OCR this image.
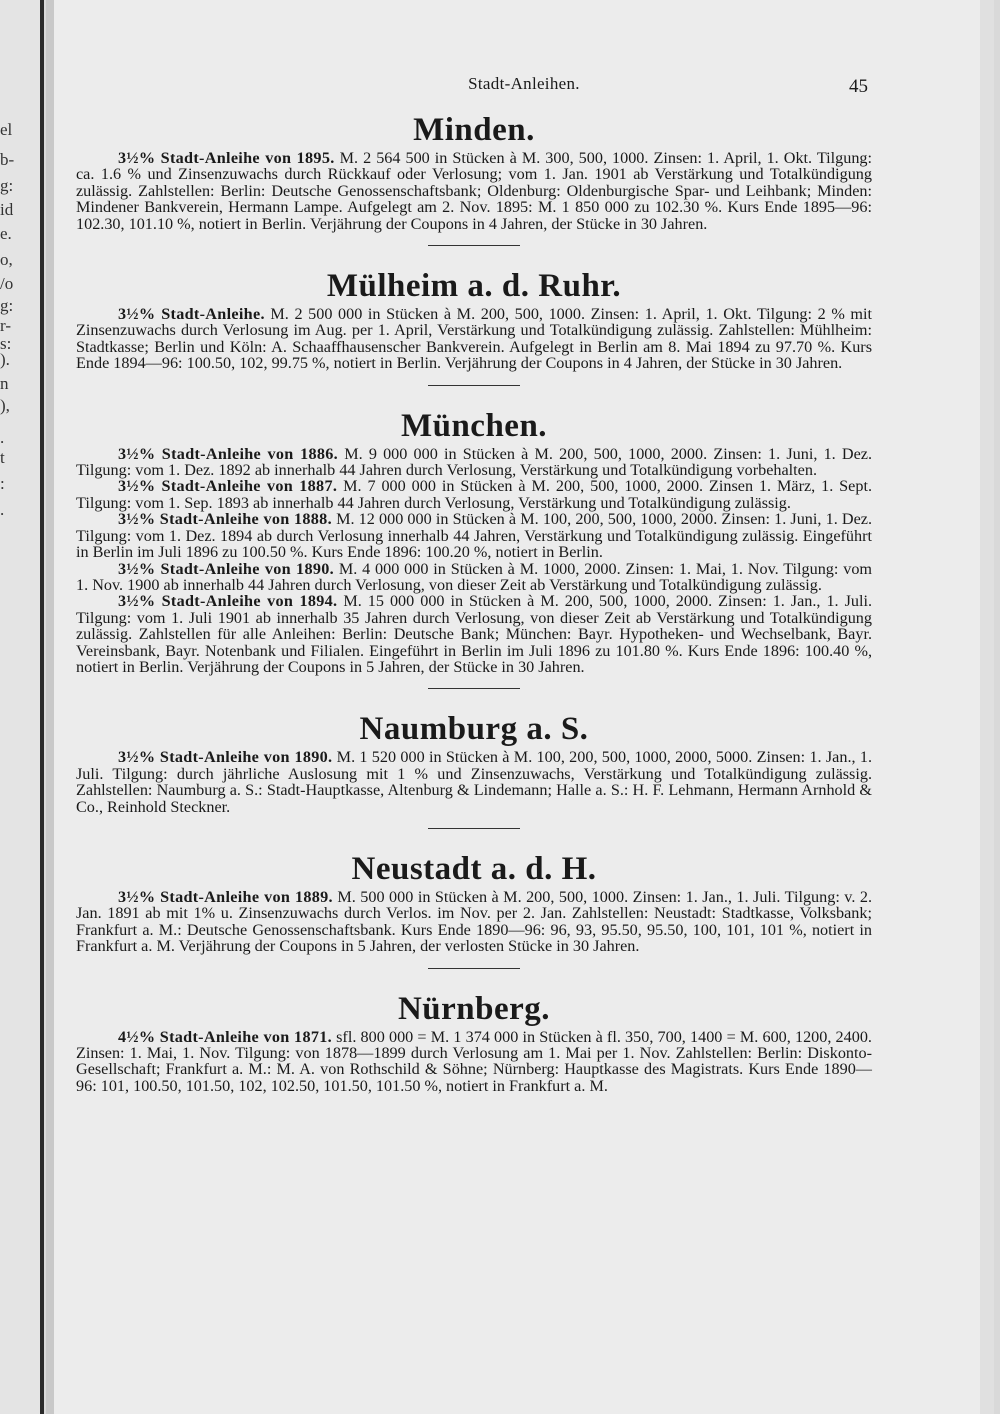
el
b-
g:
id
e.
o,
/o
g:
r-
s:
).
n
),
.
t
:
.
Stadt-Anleihen.	45
Minden.

3½% Stadt-Anleihe von 1895. M. 2 564 500 in Stücken à M. 300, 500, 1000. Zinsen: 1. April, 1. Okt. Tilgung: ca. 1.6 % und Zinsenzuwachs durch Rückkauf oder Verlosung; vom 1. Jan. 1901 ab Verstärkung und Totalkündigung zulässig. Zahlstellen: Berlin: Deutsche Genossenschaftsbank; Oldenburg: Oldenburgische Spar- und Leihbank; Minden: Mindener Bankverein, Hermann Lampe. Aufgelegt am 2. Nov. 1895: M. 1 850 000 zu 102.30 %. Kurs Ende 1895—96: 102.30, 101.10 %, notiert in Berlin. Verjährung der Coupons in 4 Jahren, der Stücke in 30 Jahren.

Mülheim a. d. Ruhr.

3½% Stadt-Anleihe. M. 2 500 000 in Stücken à M. 200, 500, 1000. Zinsen: 1. April, 1. Okt. Tilgung: 2 % mit Zinsenzuwachs durch Verlosung im Aug. per 1. April, Verstärkung und Totalkündigung zulässig. Zahlstellen: Mühlheim: Stadtkasse; Berlin und Köln: A. Schaaffhausenscher Bankverein. Aufgelegt in Berlin am 8. Mai 1894 zu 97.70 %. Kurs Ende 1894—96: 100.50, 102, 99.75 %, notiert in Berlin. Verjährung der Coupons in 4 Jahren, der Stücke in 30 Jahren.

München.

3½% Stadt-Anleihe von 1886. M. 9 000 000 in Stücken à M. 200, 500, 1000, 2000. Zinsen: 1. Juni, 1. Dez. Tilgung: vom 1. Dez. 1892 ab innerhalb 44 Jahren durch Verlosung, Verstärkung und Totalkündigung vorbehalten.

3½% Stadt-Anleihe von 1887. M. 7 000 000 in Stücken à M. 200, 500, 1000, 2000. Zinsen 1. März, 1. Sept. Tilgung: vom 1. Sep. 1893 ab innerhalb 44 Jahren durch Verlosung, Verstärkung und Totalkündigung zulässig.

3½% Stadt-Anleihe von 1888. M. 12 000 000 in Stücken à M. 100, 200, 500, 1000, 2000. Zinsen: 1. Juni, 1. Dez. Tilgung: vom 1. Dez. 1894 ab durch Verlosung innerhalb 44 Jahren, Verstärkung und Totalkündigung zulässig. Eingeführt in Berlin im Juli 1896 zu 100.50 %. Kurs Ende 1896: 100.20 %, notiert in Berlin.

3½% Stadt-Anleihe von 1890. M. 4 000 000 in Stücken à M. 1000, 2000. Zinsen: 1. Mai, 1. Nov. Tilgung: vom 1. Nov. 1900 ab innerhalb 44 Jahren durch Verlosung, von dieser Zeit ab Verstärkung und Totalkündigung zulässig.

3½% Stadt-Anleihe von 1894. M. 15 000 000 in Stücken à M. 200, 500, 1000, 2000. Zinsen: 1. Jan., 1. Juli. Tilgung: vom 1. Juli 1901 ab innerhalb 35 Jahren durch Verlosung, von dieser Zeit ab Verstärkung und Totalkündigung zulässig. Zahlstellen für alle Anleihen: Berlin: Deutsche Bank; München: Bayr. Hypotheken- und Wechselbank, Bayr. Vereinsbank, Bayr. Notenbank und Filialen. Eingeführt in Berlin im Juli 1896 zu 101.80 %. Kurs Ende 1896: 100.40 %, notiert in Berlin. Verjährung der Coupons in 5 Jahren, der Stücke in 30 Jahren.

Naumburg a. S.

3½% Stadt-Anleihe von 1890. M. 1 520 000 in Stücken à M. 100, 200, 500, 1000, 2000, 5000. Zinsen: 1. Jan., 1. Juli. Tilgung: durch jährliche Auslosung mit 1 % und Zinsenzuwachs, Verstärkung und Totalkündigung zulässig. Zahlstellen: Naumburg a. S.: Stadt-Hauptkasse, Altenburg & Lindemann; Halle a. S.: H. F. Lehmann, Hermann Arnhold & Co., Reinhold Steckner.

Neustadt a. d. H.

3½% Stadt-Anleihe von 1889. M. 500 000 in Stücken à M. 200, 500, 1000. Zinsen: 1. Jan., 1. Juli. Tilgung: v. 2. Jan. 1891 ab mit 1% u. Zinsenzuwachs durch Verlos. im Nov. per 2. Jan. Zahlstellen: Neustadt: Stadtkasse, Volksbank; Frankfurt a. M.: Deutsche Genossenschaftsbank. Kurs Ende 1890—96: 96, 93, 95.50, 95.50, 100, 101, 101 %, notiert in Frankfurt a. M. Verjährung der Coupons in 5 Jahren, der verlosten Stücke in 30 Jahren.

Nürnberg.

4½% Stadt-Anleihe von 1871. sfl. 800 000 = M. 1 374 000 in Stücken à fl. 350, 700, 1400 = M. 600, 1200, 2400. Zinsen: 1. Mai, 1. Nov. Tilgung: von 1878—1899 durch Verlosung am 1. Mai per 1. Nov. Zahlstellen: Berlin: Diskonto-Gesellschaft; Frankfurt a. M.: M. A. von Rothschild & Söhne; Nürnberg: Hauptkasse des Magistrats. Kurs Ende 1890—96: 101, 100.50, 101.50, 102, 102.50, 101.50, 101.50 %, notiert in Frankfurt a. M.
